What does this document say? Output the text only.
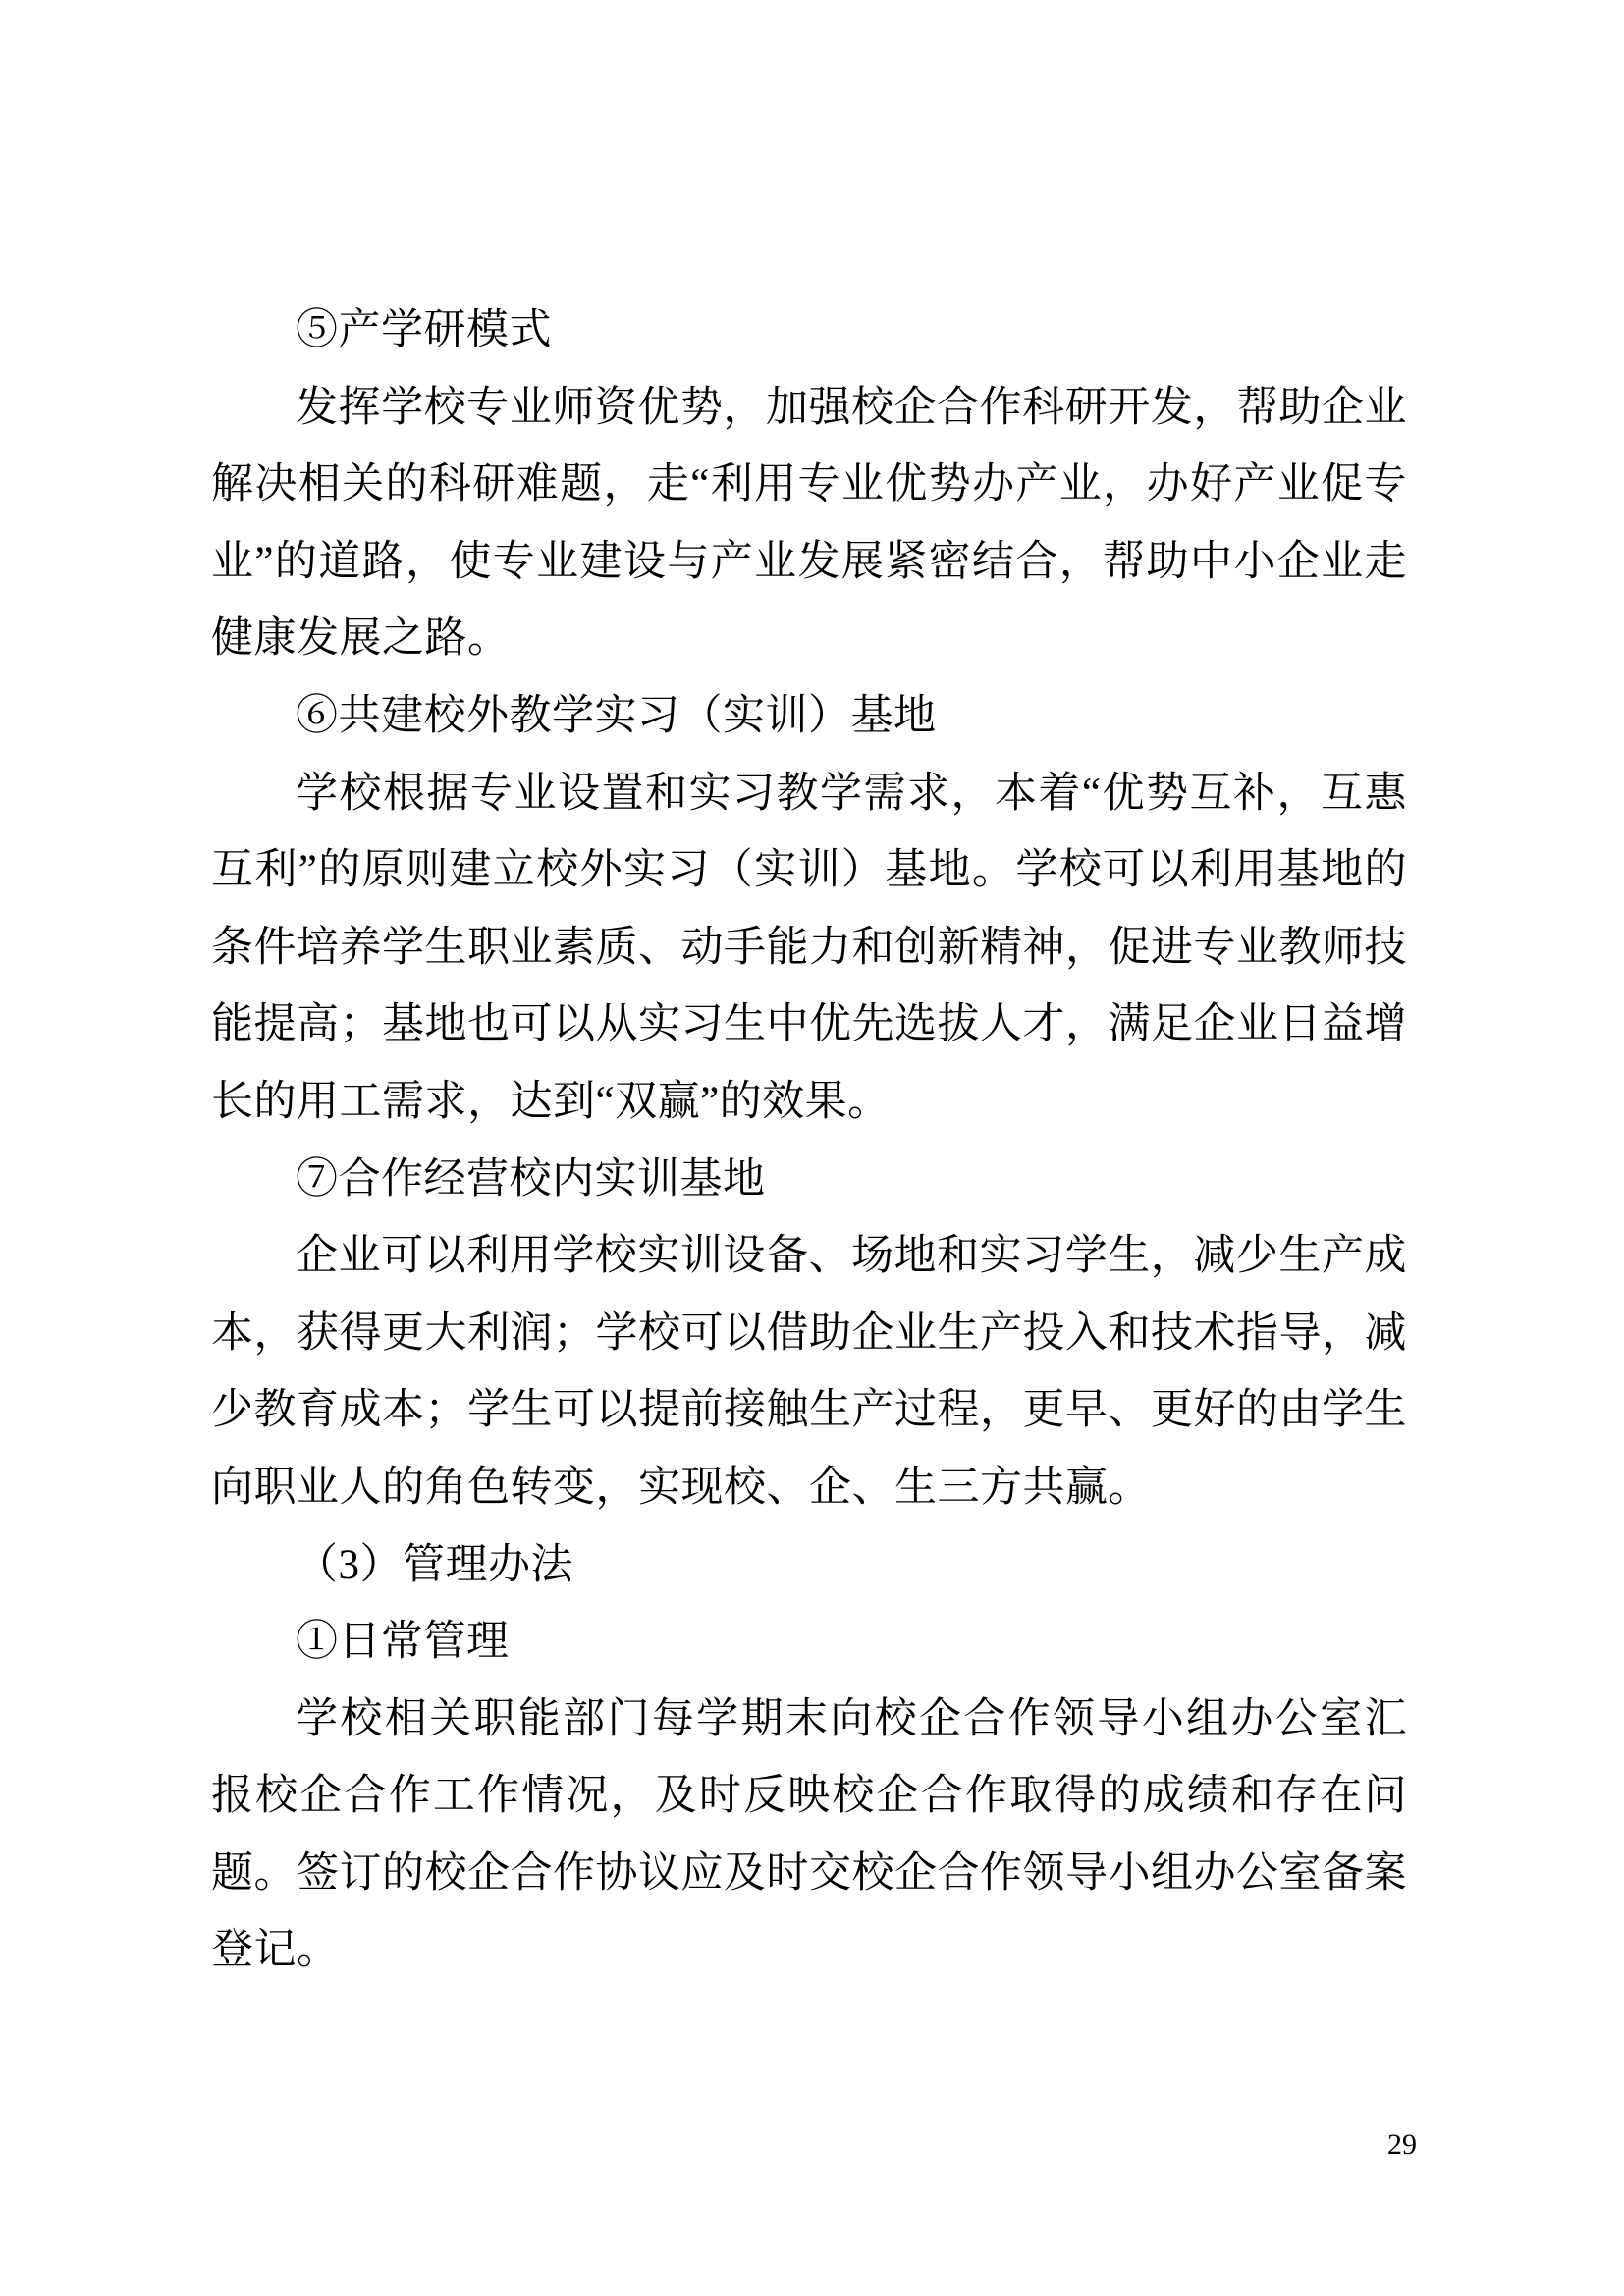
⑤产学研模式
发挥学校专业师资优势，加强校企合作科研开发，帮助企业
解决相关的科研难题，走“利用专业优势办产业，办好产业促专
业”的道路，使专业建设与产业发展紧密结合，帮助中小企业走
健康发展之路。
⑥共建校外教学实习（实训）基地
学校根据专业设置和实习教学需求，本着“优势互补，互惠
互利”的原则建立校外实习（实训）基地。学校可以利用基地的
条件培养学生职业素质、动手能力和创新精神，促进专业教师技
能提高；基地也可以从实习生中优先选拔人才，满足企业日益增
长的用工需求，达到“双赢”的效果。
⑦合作经营校内实训基地
企业可以利用学校实训设备、场地和实习学生，减少生产成
本，获得更大利润；学校可以借助企业生产投入和技术指导，减
少教育成本；学生可以提前接触生产过程，更早、更好的由学生
向职业人的角色转变，实现校、企、生三方共赢。
（3）管理办法
①日常管理
学校相关职能部门每学期末向校企合作领导小组办公室汇
报校企合作工作情况，及时反映校企合作取得的成绩和存在问
题。签订的校企合作协议应及时交校企合作领导小组办公室备案
登记。
29
